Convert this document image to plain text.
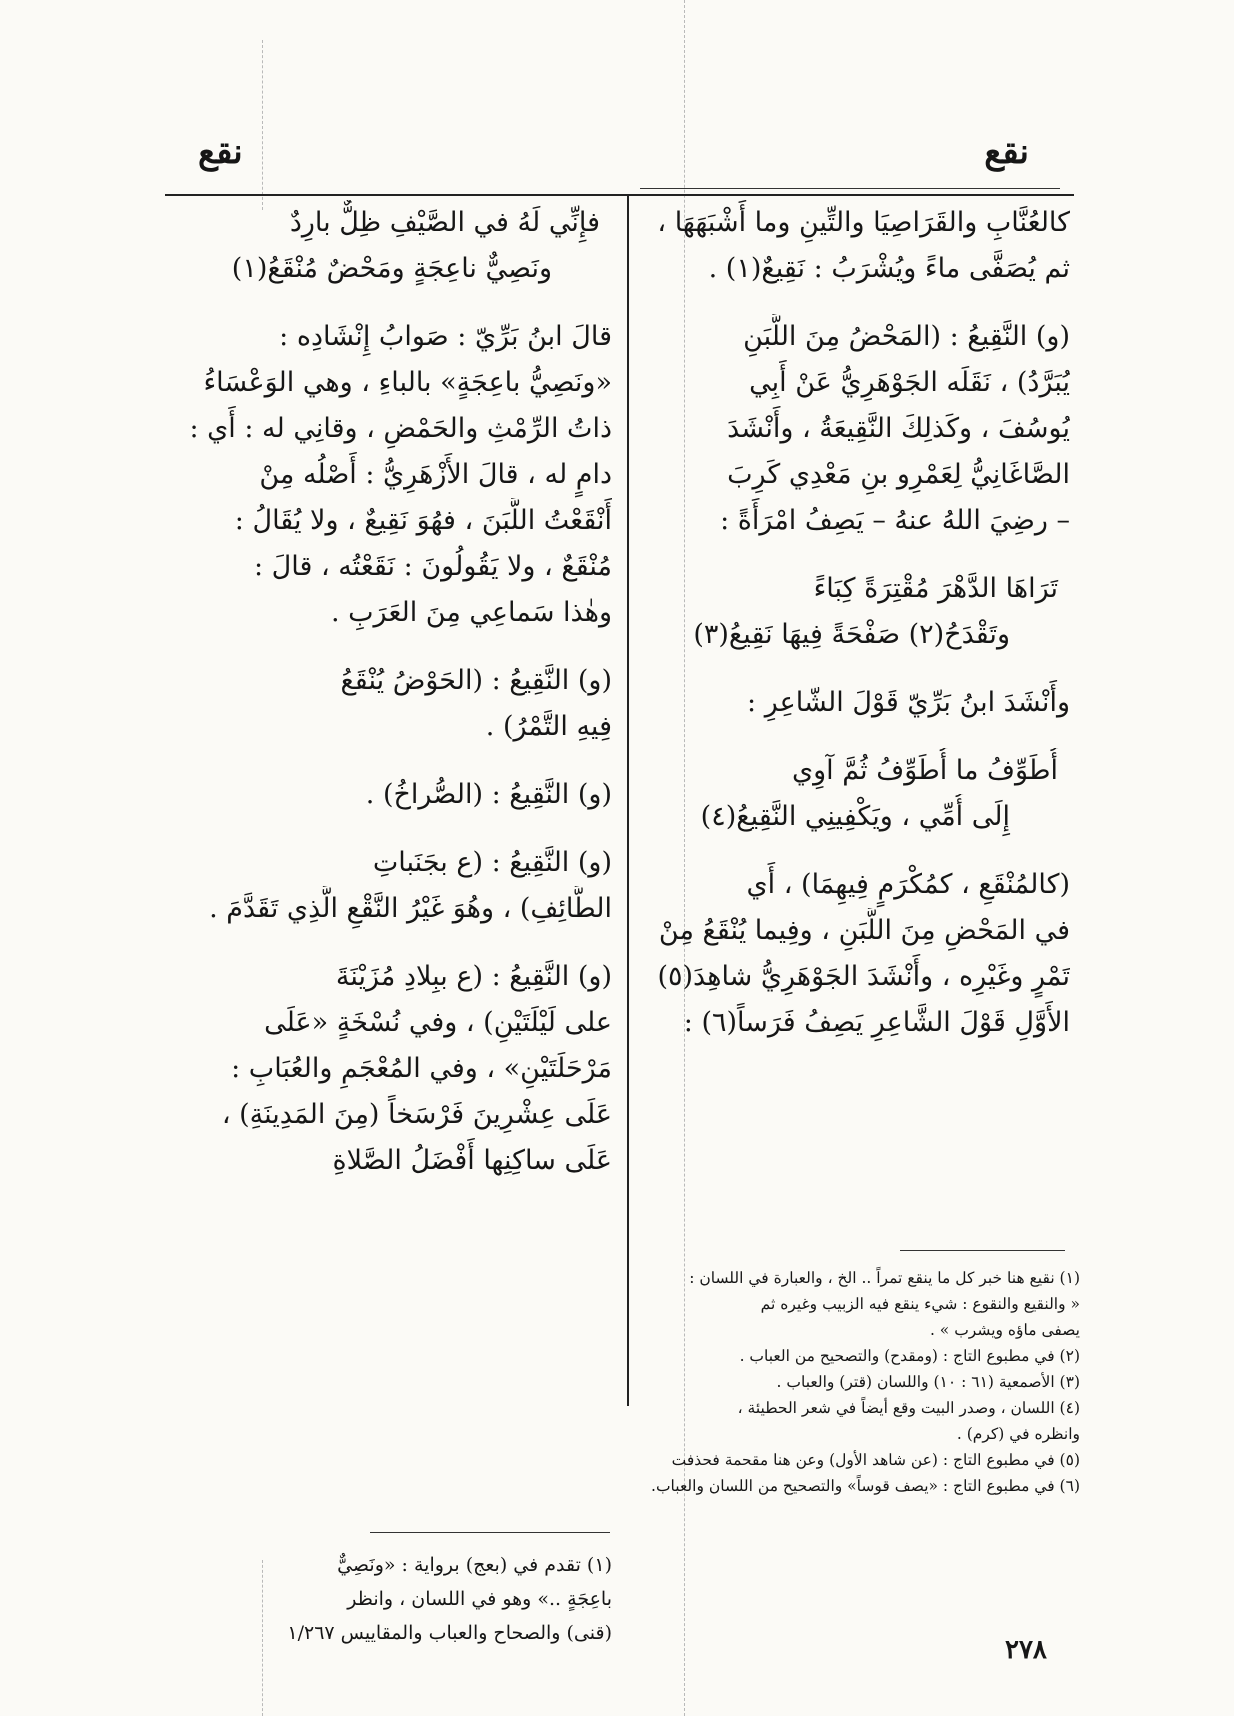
نقع
نقع
كالعُنَّابِ والقَرَاصِيَا والتِّينِ وما أَشْبَهَهَا ،
ثم يُصَفَّى ماءً ويُشْرَبُ : نَقِيعٌ(١) .
(و) النَّقِيعُ : (المَحْضُ مِنَ اللَّبَنِ
يُبَرَّدُ) ، نَقَلَه الجَوْهَرِيُّ عَنْ أَبِي
يُوسُفَ ، وكَذلِكَ النَّقِيعَةُ ، وأَنْشَدَ
الصَّاغَانِيُّ لِعَمْرِو بنِ مَعْدِي كَرِبَ
– رضِيَ اللهُ عنهُ – يَصِفُ امْرَأَةً :
تَرَاهَا الدَّهْرَ مُقْتِرَةً كِبَاءً
وتَقْدَحُ(٢) صَفْحَةً فِيهَا نَقِيعُ(٣)
وأَنْشَدَ ابنُ بَرِّيّ قَوْلَ الشّاعِرِ :
أُطَوِّفُ ما أُطَوِّفُ ثُمَّ آوِي
إِلَى أُمِّي ، ويَكْفِينِي النَّقِيعُ(٤)
(كالمُنْقَعِ ، كمُكْرَمٍ فِيهِمَا) ، أَي
في المَحْضِ مِنَ اللَّبَنِ ، وفِيما يُنْقَعُ مِنْ
تَمْرٍ وغَيْرِه ، وأَنْشَدَ الجَوْهَرِيُّ شاهِدَ(٥)
الأَوَّلِ قَوْلَ الشَّاعِرِ يَصِفُ فَرَساً(٦) :
(١) نقيع هنا خبر كل ما ينقع تمراً .. الخ ، والعبارة في اللسان :
« والنقيع والنقوع : شيء ينقع فيه الزبيب وغيره ثم
يصفى ماؤه ويشرب » .
(٢) في مطبوع التاج : (ومقدح) والتصحيح من العباب .
(٣) الأصمعية (٦١ : ١٠) واللسان (قتر) والعباب .
(٤) اللسان ، وصدر البيت وقع أيضاً في شعر الحطيئة ،
وانظره في (كرم) .
(٥) في مطبوع التاج : (عن شاهد الأول) وعن هنا مقحمة فحذفت
(٦) في مطبوع التاج : «يصف قوساً» والتصحيح من اللسان والعباب.
فإِنِّي لَهُ في الصَّيْفِ ظِلٌّ بارِدٌ
ونَصِيٌّ ناعِجَةٍ ومَحْضٌ مُنْقَعُ(١)
قالَ ابنُ بَرِّيّ : صَوابُ إِنْشَادِه :
«ونَصِيُّ باعِجَةٍ» بالباءِ ، وهي الوَعْسَاءُ
ذاتُ الرِّمْثِ والحَمْضِ ، وقانِي له : أَي :
دامٍ له ، قالَ الأَزْهَرِيُّ : أَصْلُه مِنْ
أَنْقَعْتُ اللَّبَنَ ، فهُوَ نَقِيعٌ ، ولا يُقَالُ :
مُنْقَعٌ ، ولا يَقُولُونَ : نَقَعْتُه ، قالَ :
وهٰذا سَماعِي مِنَ العَرَبِ .
(و) النَّقِيعُ : (الحَوْضُ يُنْقَعُ
فِيهِ التَّمْرُ) .
(و) النَّقِيعُ : (الصُّراخُ) .
(و) النَّقِيعُ : (ع بجَنَباتِ
الطَّائِفِ) ، وهُوَ غَيْرُ النَّقْعِ الَّذِي تَقَدَّمَ .
(و) النَّقِيعُ : (ع ببِلادِ مُزَيْنَةَ
على لَيْلَتَيْنِ) ، وفي نُسْخَةٍ «عَلَى
مَرْحَلَتَيْنِ» ، وفي المُعْجَمِ والعُبَابِ :
عَلَى عِشْرِينَ فَرْسَخاً (مِنَ المَدِينَةِ) ،
عَلَى ساكِنِها أَفْضَلُ الصَّلاةِ
(١) تقدم في (بعج) برواية : «ونَصِيٌّ
باعِجَةٍ ..» وهو في اللسان ، وانظر
(قنى) والصحاح والعباب والمقاييس ١/٢٦٧
٢٧٨
